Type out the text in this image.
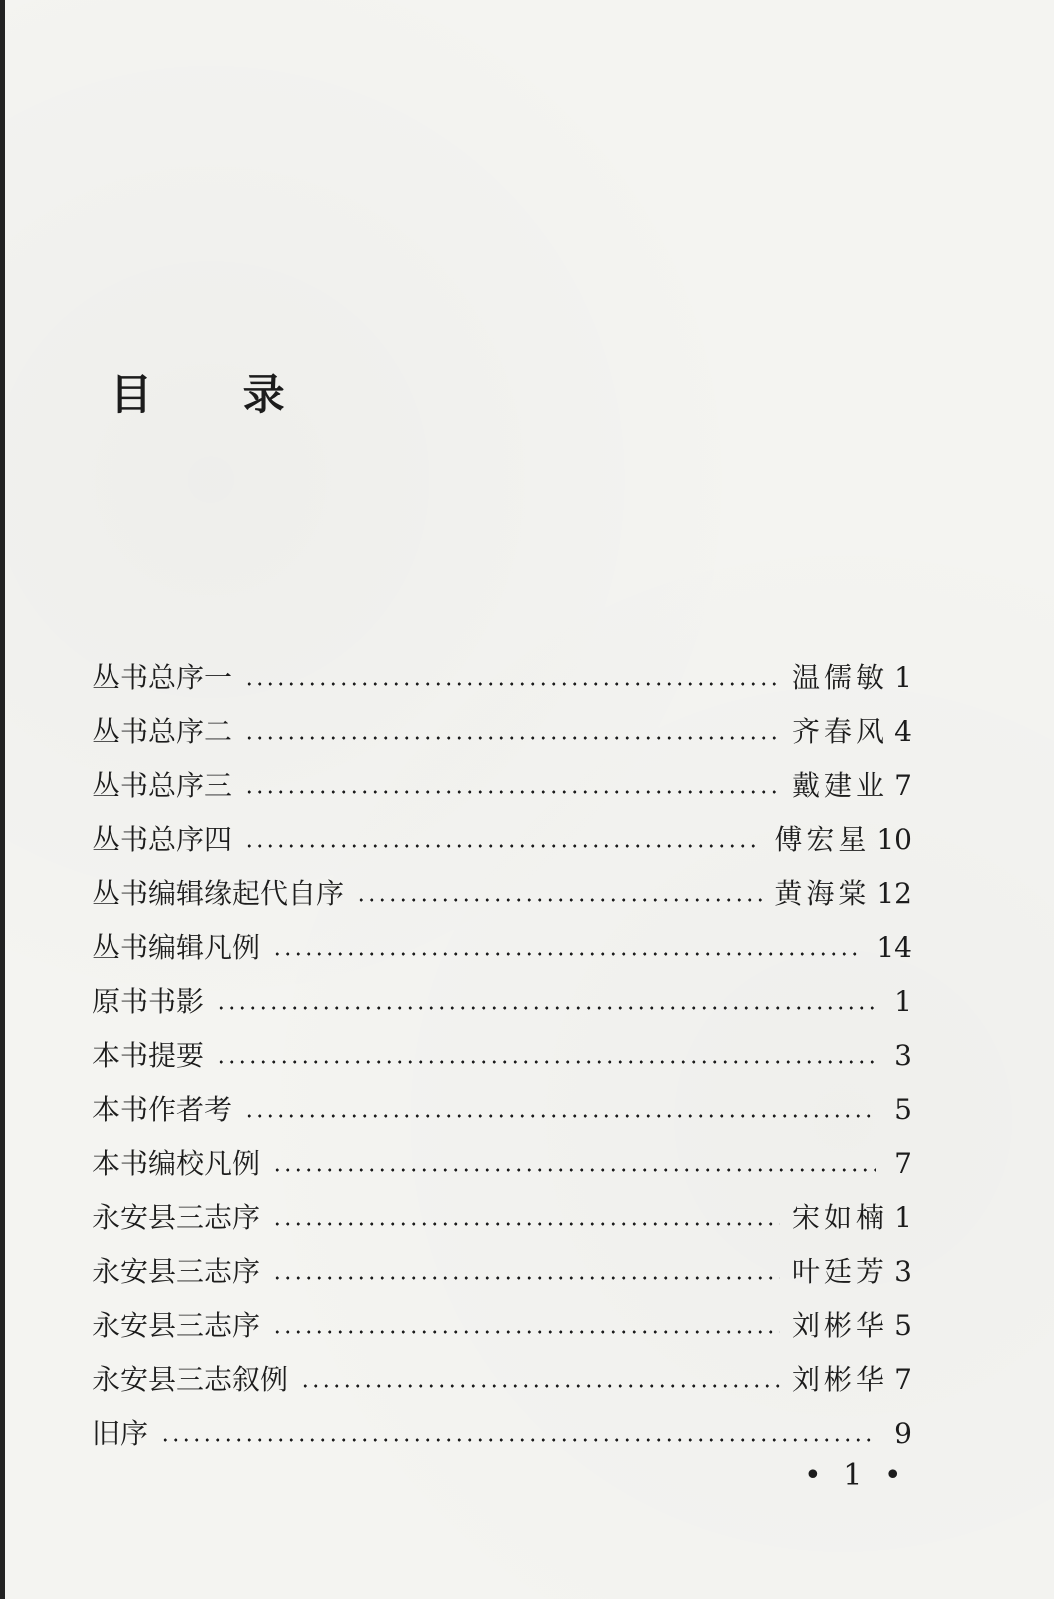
目 录
丛书总序一	温儒敏 1
丛书总序二	齐春风 4
丛书总序三	戴建业 7
丛书总序四	傅宏星 10
丛书编辑缘起代自序	黄海棠 12
丛书编辑凡例	14
原书书影	1
本书提要	3
本书作者考	5
本书编校凡例	7
永安县三志序	宋如楠 1
永安县三志序	叶廷芳 3
永安县三志序	刘彬华 5
永安县三志叙例	刘彬华 7
旧序	9
• 1 •
